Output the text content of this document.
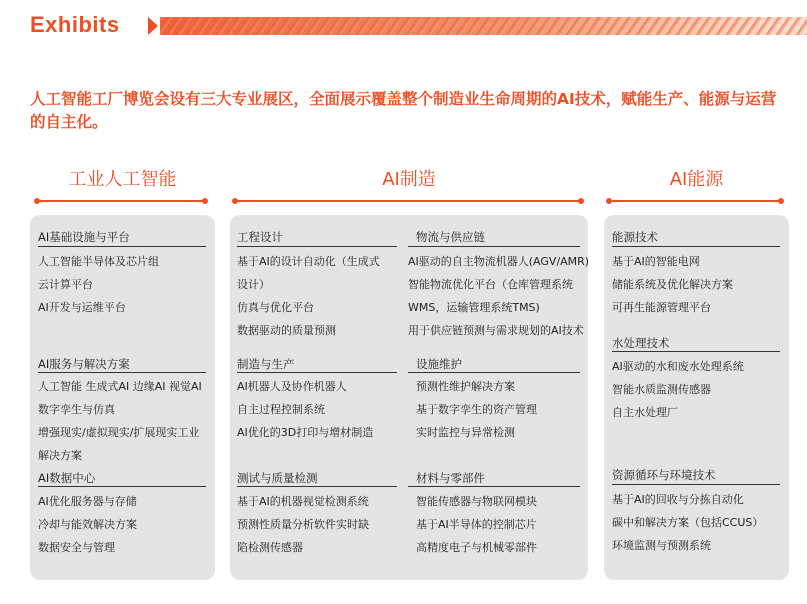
Exhibits
人工智能工厂博览会设有三大专业展区，全面展示覆盖整个制造业生命周期的AI技术，赋能生产、能源与运营的自主化。
工业人工智能	AI制造	AI能源
AI基础设施与平台
人工智能半导体及芯片组
云计算平台
AI开发与运维平台
AI服务与解决方案
人工智能 生成式AI 边缘AI 视觉AI
数字孪生与仿真
增强现实/虚拟现实/扩展现实工业
解决方案
AI数据中心
AI优化服务器与存储
冷却与能效解决方案
数据安全与管理
工程设计
基于AI的设计自动化（生成式
设计）
仿真与优化平台
数据驱动的质量预测
制造与生产
AI机器人及协作机器人
自主过程控制系统
AI优化的3D打印与增材制造
测试与质量检测
基于AI的机器视觉检测系统
预测性质量分析软件实时缺
陷检测传感器
物流与供应链
AI驱动的自主物流机器人(AGV/AMR)
智能物流优化平台（仓库管理系统
WMS，运输管理系统TMS)
用于供应链预测与需求规划的AI技术
设施维护
预测性维护解决方案
基于数字孪生的资产管理
实时监控与异常检测
材料与零部件
智能传感器与物联网模块
基于AI半导体的控制芯片
高精度电子与机械零部件
能源技术
基于AI的智能电网
储能系统及优化解决方案
可再生能源管理平台
水处理技术
AI驱动的水和废水处理系统
智能水质监测传感器
自主水处理厂
资源循环与环境技术
基于AI的回收与分拣自动化
碳中和解决方案（包括CCUS）
环境监测与预测系统
